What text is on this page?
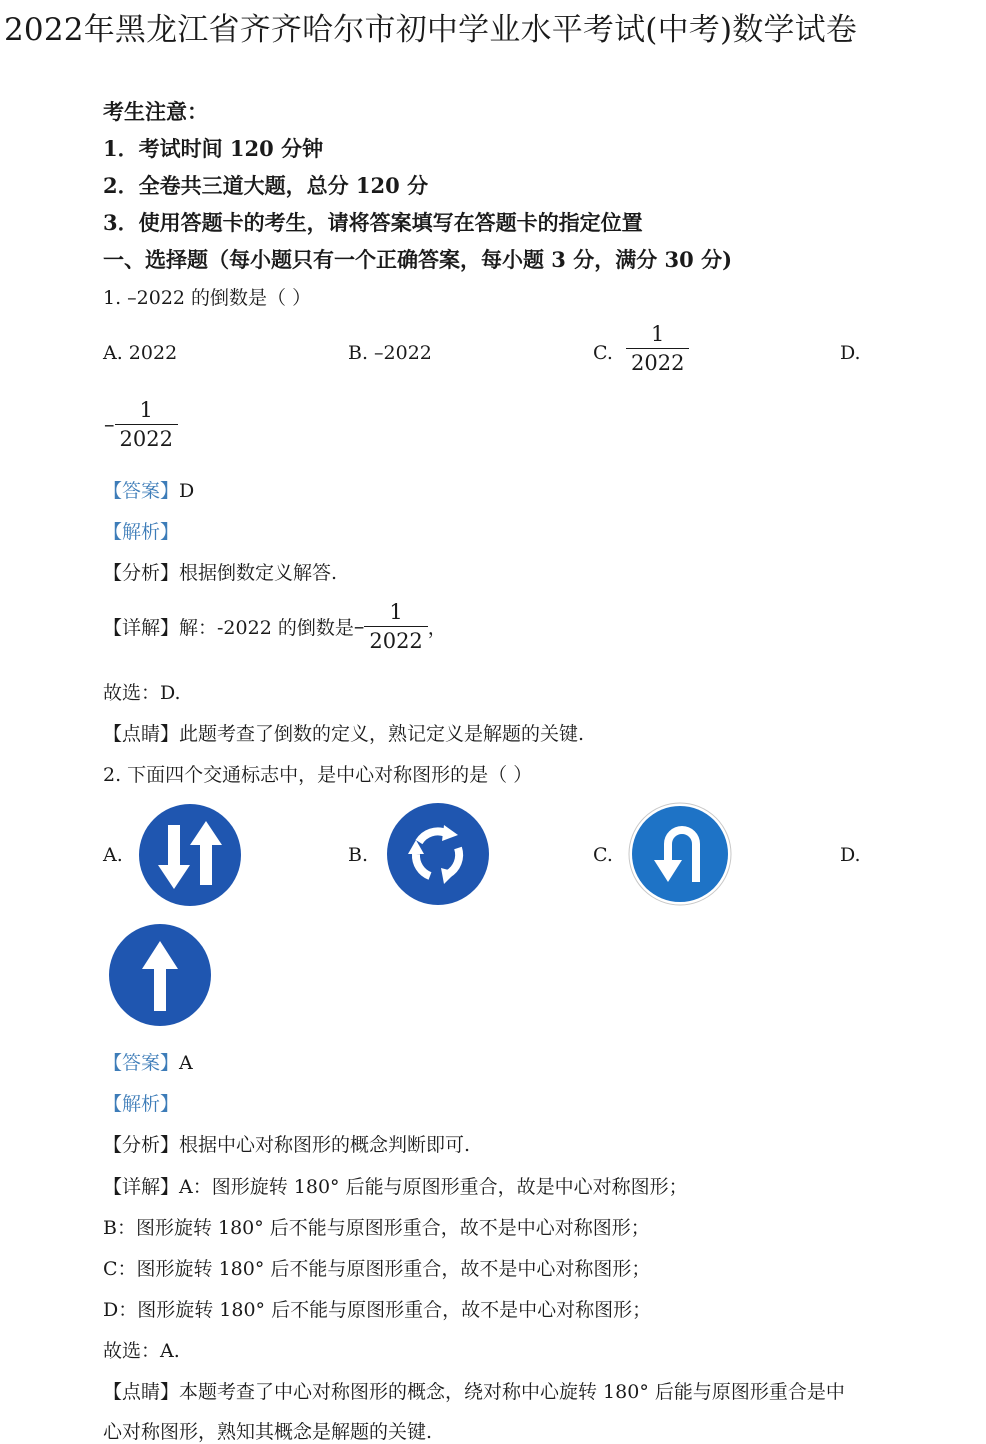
2022年黑龙江省齐齐哈尔市初中学业水平考试(中考)数学试卷
考生注意：
1．考试时间 120 分钟
2．全卷共三道大题，总分 120 分
3．使用答题卡的考生，请将答案填写在答题卡的指定位置
一、选择题（每小题只有一个正确答案，每小题 3 分，满分 30 分)
1. –2022 的倒数是（ ）
A. 2022	B. –2022	C. $\frac{1}{2022}$	D.
– $\frac{1}{2022}$
【答案】D
【解析】
【分析】根据倒数定义解答.
【详解】解：-2022 的倒数是– $\frac{1}{2022}$ ，
故选：D.
【点睛】此题考查了倒数的定义，熟记定义是解题的关键.
2. 下面四个交通标志中，是中心对称图形的是（ ）
A.	B.	C.	D.
【答案】A
【解析】
【分析】根据中心对称图形的概念判断即可.
【详解】A：图形旋转 180° 后能与原图形重合，故是中心对称图形；
B：图形旋转 180° 后不能与原图形重合，故不是中心对称图形；
C：图形旋转 180° 后不能与原图形重合，故不是中心对称图形；
D：图形旋转 180° 后不能与原图形重合，故不是中心对称图形；
故选：A.
【点睛】本题考查了中心对称图形的概念，绕对称中心旋转 180° 后能与原图形重合是中
心对称图形，熟知其概念是解题的关键.
